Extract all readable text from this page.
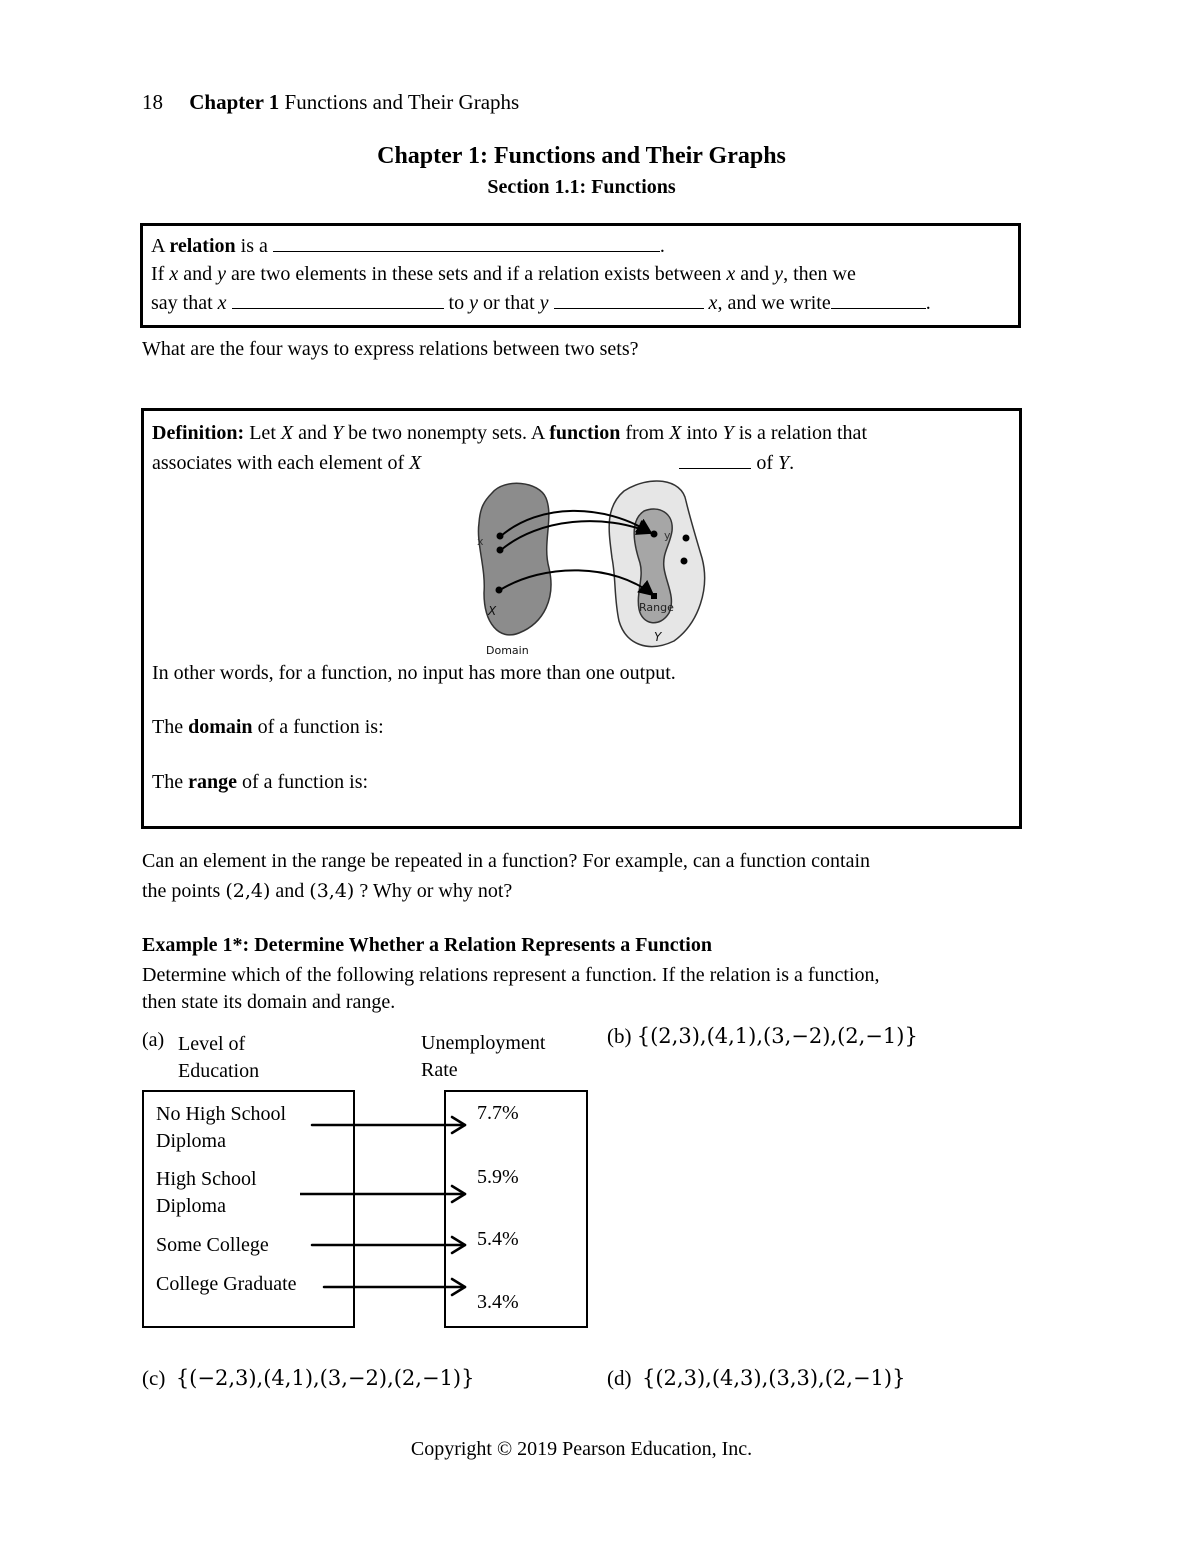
18 Chapter 1 Functions and Their Graphs
Chapter 1: Functions and Their Graphs
Section 1.1: Functions
A relation is a	.
If x and y are two elements in these sets and if a relation exists between x and y, then we
say that x	to y or that y	x, and we write	.
What are the four ways to express relations between two sets?
Definition: Let X and Y be two nonempty sets. A function from X into Y is a relation that
associates with each element of X	of Y.
x	y
X
Y
Range
Domain
In other words, for a function, no input has more than one output.
The domain of a function is:
The range of a function is:
Can an element in the range be repeated in a function? For example, can a function contain
the points (2,4) and (3,4) ? Why or why not?
Example 1*: Determine Whether a Relation Represents a Function
Determine which of the following relations represent a function. If the relation is a function,
then state its domain and range.
(a) Level of
Education
Unemployment
Rate
No High School
Diploma
High School
Diploma
Some College
College Graduate
7.7%
5.9%
5.4%
3.4%
(b) {(2,3),(4,1),(3,−2),(2,−1)}
(c) {(−2,3),(4,1),(3,−2),(2,−1)}	(d) {(2,3),(4,3),(3,3),(2,−1)}
Copyright © 2019 Pearson Education, Inc.
